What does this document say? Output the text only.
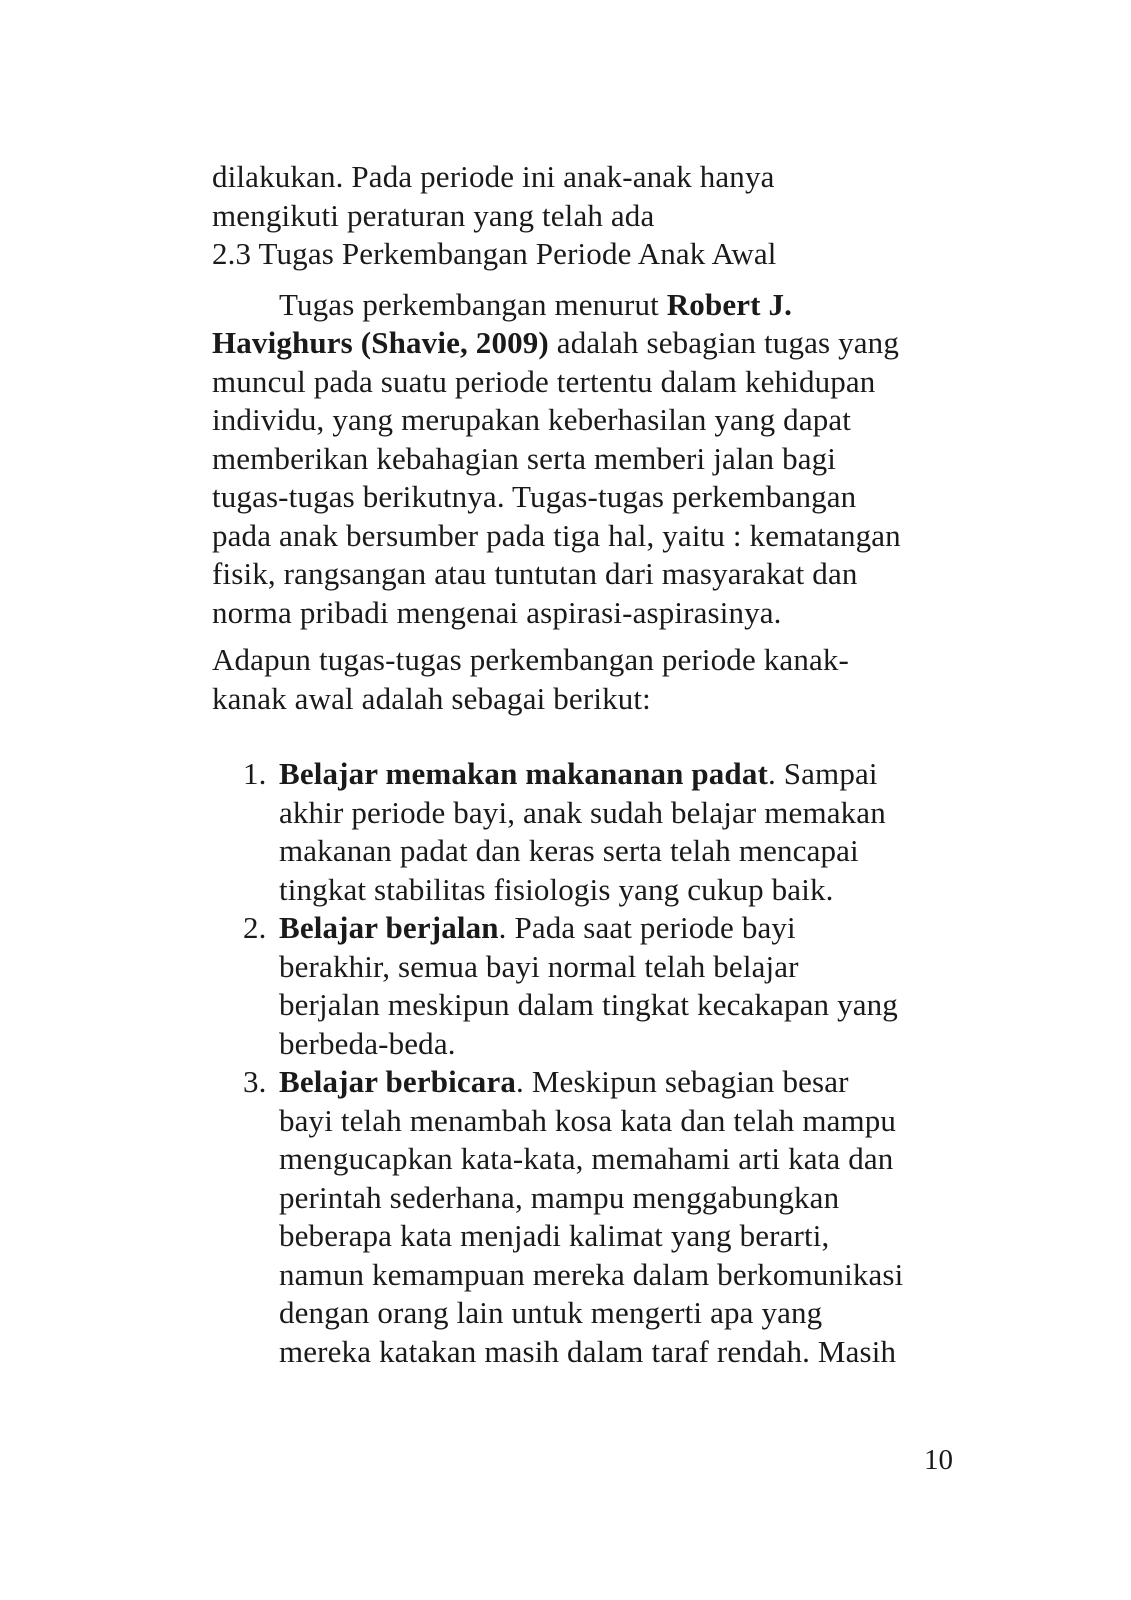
dilakukan. Pada periode ini anak-anak hanya
mengikuti peraturan yang telah ada
2.3 Tugas Perkembangan Periode Anak Awal
Tugas perkembangan menurut Robert J.
Havighurs (Shavie, 2009) adalah sebagian tugas yang
muncul pada suatu periode tertentu dalam kehidupan
individu, yang merupakan keberhasilan yang dapat
memberikan kebahagian serta memberi jalan bagi
tugas-tugas berikutnya. Tugas-tugas perkembangan
pada anak bersumber pada tiga hal, yaitu : kematangan
fisik, rangsangan atau tuntutan dari masyarakat dan
norma pribadi mengenai aspirasi-aspirasinya.
Adapun tugas-tugas perkembangan periode kanak-
kanak awal adalah sebagai berikut:
1. Belajar memakan makananan padat. Sampai
akhir periode bayi, anak sudah belajar memakan
makanan padat dan keras serta telah mencapai
tingkat stabilitas fisiologis yang cukup baik.
2. Belajar berjalan. Pada saat periode bayi
berakhir, semua bayi normal telah belajar
berjalan meskipun dalam tingkat kecakapan yang
berbeda-beda.
3. Belajar berbicara. Meskipun sebagian besar
bayi telah menambah kosa kata dan telah mampu
mengucapkan kata-kata, memahami arti kata dan
perintah sederhana, mampu menggabungkan
beberapa kata menjadi kalimat yang berarti,
namun kemampuan mereka dalam berkomunikasi
dengan orang lain untuk mengerti apa yang
mereka katakan masih dalam taraf rendah. Masih
10
